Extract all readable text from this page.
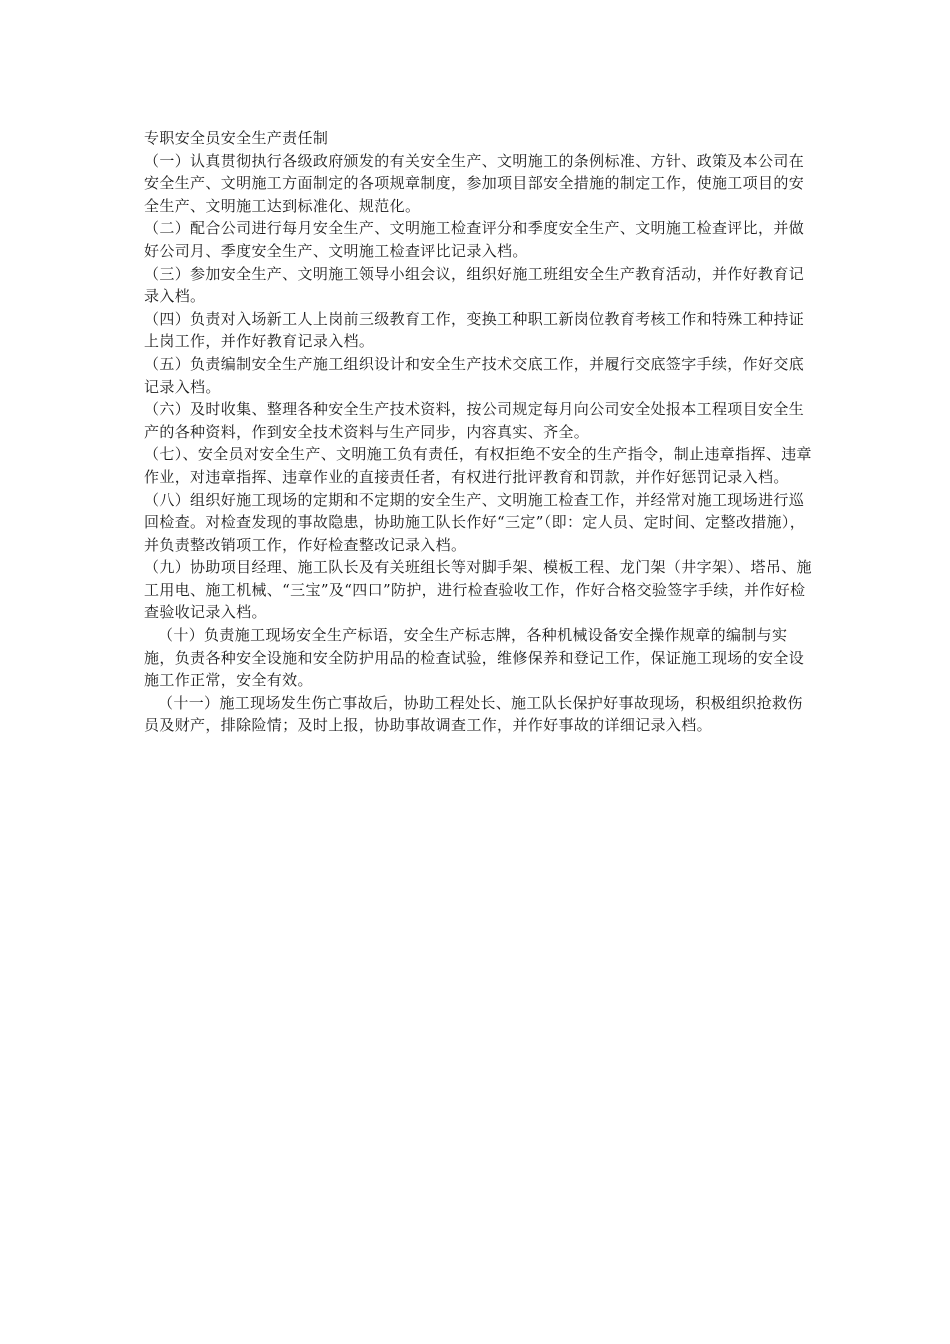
专职安全员安全生产责任制

（一）认真贯彻执行各级政府颁发的有关安全生产、文明施工的条例标准、方针、政策及本公司在安全生产、文明施工方面制定的各项规章制度，参加项目部安全措施的制定工作，使施工项目的安全生产、文明施工达到标准化、规范化。

（二）配合公司进行每月安全生产、文明施工检查评分和季度安全生产、文明施工检查评比，并做好公司月、季度安全生产、文明施工检查评比记录入档。

（三）参加安全生产、文明施工领导小组会议，组织好施工班组安全生产教育活动，并作好教育记录入档。

（四）负责对入场新工人上岗前三级教育工作，变换工种职工新岗位教育考核工作和特殊工种持证上岗工作，并作好教育记录入档。

（五）负责编制安全生产施工组织设计和安全生产技术交底工作，并履行交底签字手续，作好交底记录入档。

（六）及时收集、整理各种安全生产技术资料，按公司规定每月向公司安全处报本工程项目安全生产的各种资料，作到安全技术资料与生产同步，内容真实、齐全。

（七）、安全员对安全生产、文明施工负有责任，有权拒绝不安全的生产指令，制止违章指挥、违章作业，对违章指挥、违章作业的直接责任者，有权进行批评教育和罚款，并作好惩罚记录入档。

（八）组织好施工现场的定期和不定期的安全生产、文明施工检查工作，并经常对施工现场进行巡回检查。对检查发现的事故隐患，协助施工队长作好“三定”（即：定人员、定时间、定整改措施），并负责整改销项工作，作好检查整改记录入档。

（九）协助项目经理、施工队长及有关班组长等对脚手架、模板工程、龙门架（井字架）、塔吊、施工用电、施工机械、“三宝”及“四口”防护，进行检查验收工作，作好合格交验签字手续，并作好检查验收记录入档。

（十）负责施工现场安全生产标语，安全生产标志牌，各种机械设备安全操作规章的编制与实施，负责各种安全设施和安全防护用品的检查试验，维修保养和登记工作，保证施工现场的安全设施工作正常，安全有效。

（十一）施工现场发生伤亡事故后，协助工程处长、施工队长保护好事故现场，积极组织抢救伤员及财产，排除险情；及时上报，协助事故调查工作，并作好事故的详细记录入档。
